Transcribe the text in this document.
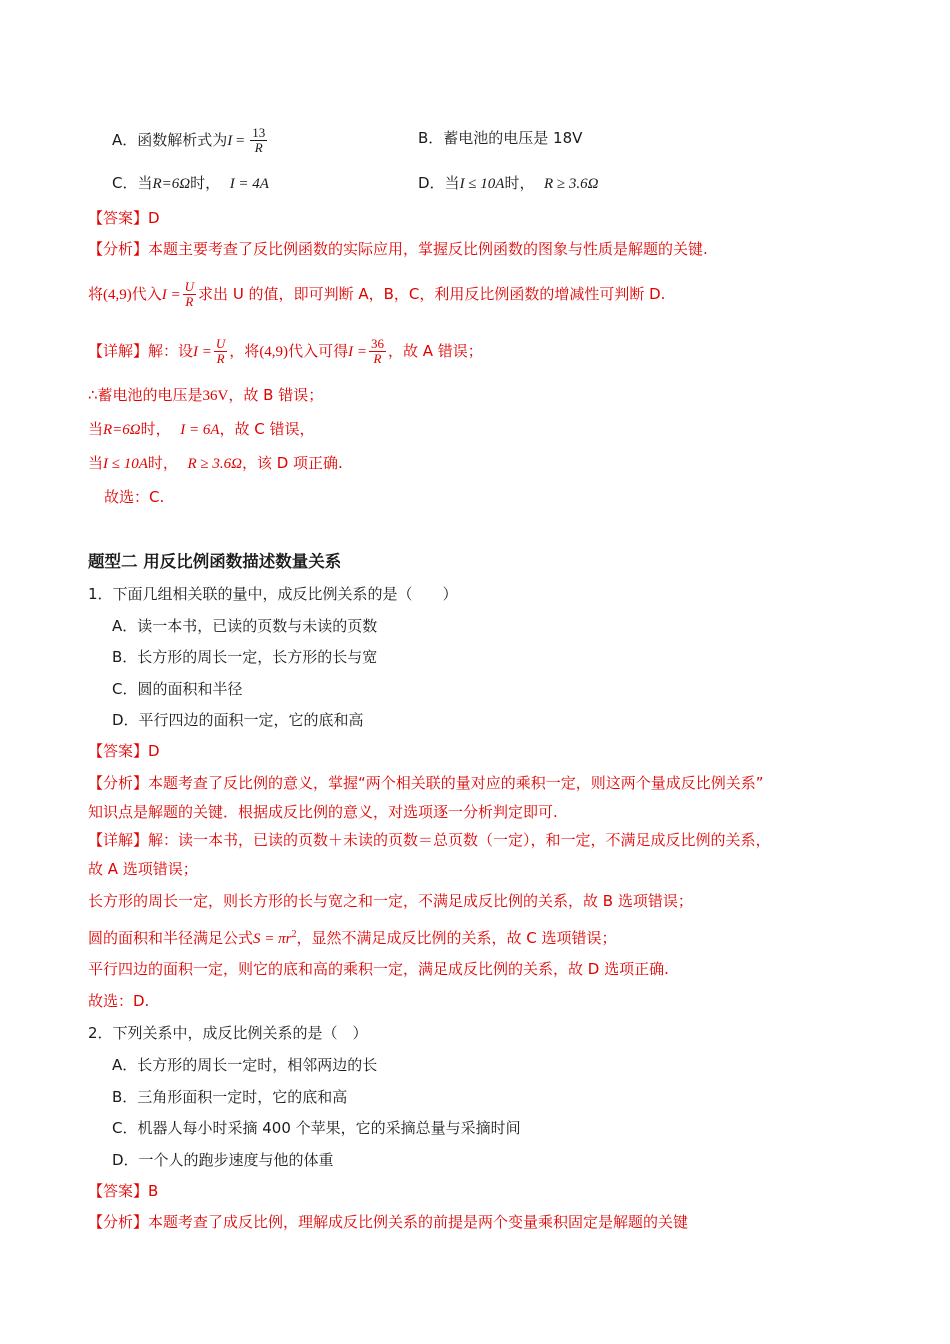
A．函数解析式为$I = \frac{13}{R}$	B．蓄电池的电压是 18V
C．当R=6Ω时， I = 4A	D．当I ≤ 10A时， R ≥ 3.6Ω
【答案】D
【分析】本题主要考查了反比例函数的实际应用，掌握反比例函数的图象与性质是解题的关键.
将(4,9)代入$I = \frac{U}{R}$ 求出 U 的值，即可判断 A，B，C，利用反比例函数的增减性可判断 D.
【详解】解：设$I = \frac{U}{R}$ ，将(4,9)代入可得$I = \frac{36}{R}$ ，故 A 错误；
∴蓄电池的电压是36V，故 B 错误；
当R=6Ω时， I = 6A，故 C 错误，
当I ≤ 10A时， R ≥ 3.6Ω，该 D 项正确.
故选：C.
题型二 用反比例函数描述数量关系
1．下面几组相关联的量中，成反比例关系的是（　　）
A．读一本书，已读的页数与未读的页数
B．长方形的周长一定，长方形的长与宽
C．圆的面积和半径
D．平行四边的面积一定，它的底和高
【答案】D
【分析】本题考查了反比例的意义，掌握“两个相关联的量对应的乘积一定，则这两个量成反比例关系”
知识点是解题的关键．根据成反比例的意义，对选项逐一分析判定即可.
【详解】解：读一本书，已读的页数＋未读的页数＝总页数（一定），和一定，不满足成反比例的关系，
故 A 选项错误；
长方形的周长一定，则长方形的长与宽之和一定，不满足成反比例的关系，故 B 选项错误；
圆的面积和半径满足公式$S = \pi r^2$，显然不满足成反比例的关系，故 C 选项错误；
平行四边的面积一定，则它的底和高的乘积一定，满足成反比例的关系，故 D 选项正确.
故选：D.
2．下列关系中，成反比例关系的是（　）
A．长方形的周长一定时，相邻两边的长
B．三角形面积一定时，它的底和高
C．机器人每小时采摘 400 个苹果，它的采摘总量与采摘时间
D．一个人的跑步速度与他的体重
【答案】B
【分析】本题考查了成反比例，理解成反比例关系的前提是两个变量乘积固定是解题的关键
